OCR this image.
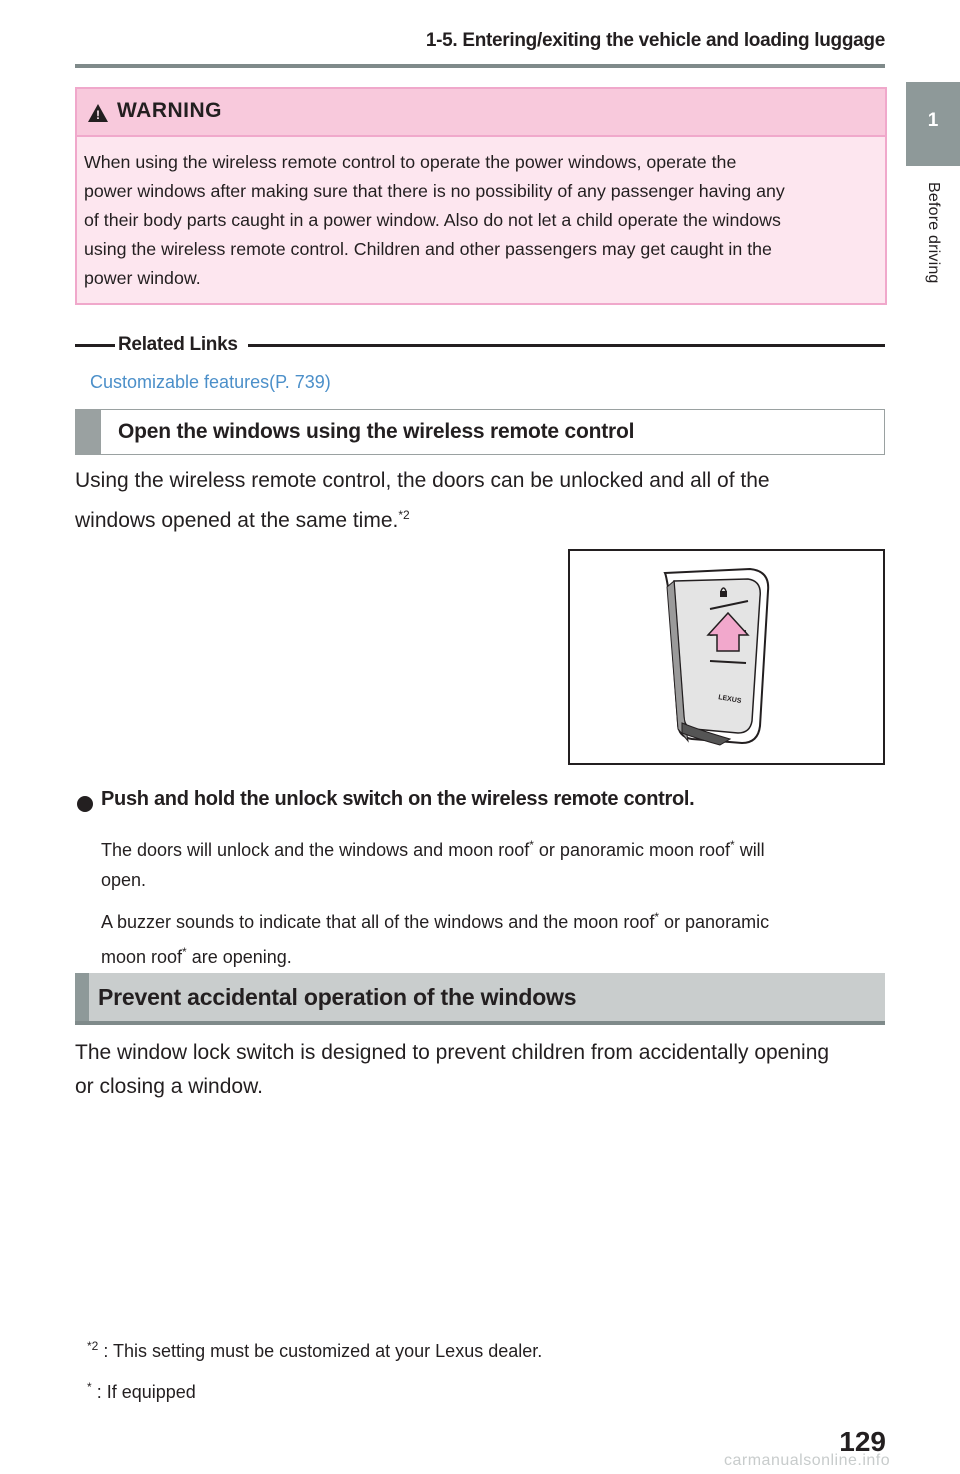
1-5. Entering/exiting the vehicle and loading luggage
1
Before driving
! WARNING
When using the wireless remote control to operate the power windows, operate the
power windows after making sure that there is no possibility of any passenger having any
of their body parts caught in a power window. Also do not let a child operate the windows
using the wireless remote control. Children and other passengers may get caught in the
power window.
Related Links
Customizable features(P. 739)
Open the windows using the wireless remote control
Using the wireless remote control, the doors can be unlocked and all of the
windows opened at the same time.$^{*2}$
LEXUS
Push and hold the unlock switch on the wireless remote control.
The doors will unlock and the windows and moon roof* or panoramic moon roof* will
open.
A buzzer sounds to indicate that all of the windows and the moon roof* or panoramic
moon roof* are opening.
Prevent accidental operation of the windows
The window lock switch is designed to prevent children from accidentally opening
or closing a window.
$^{*2}$ : This setting must be customized at your Lexus dealer.
* : If equipped
129
carmanualsonline.info
